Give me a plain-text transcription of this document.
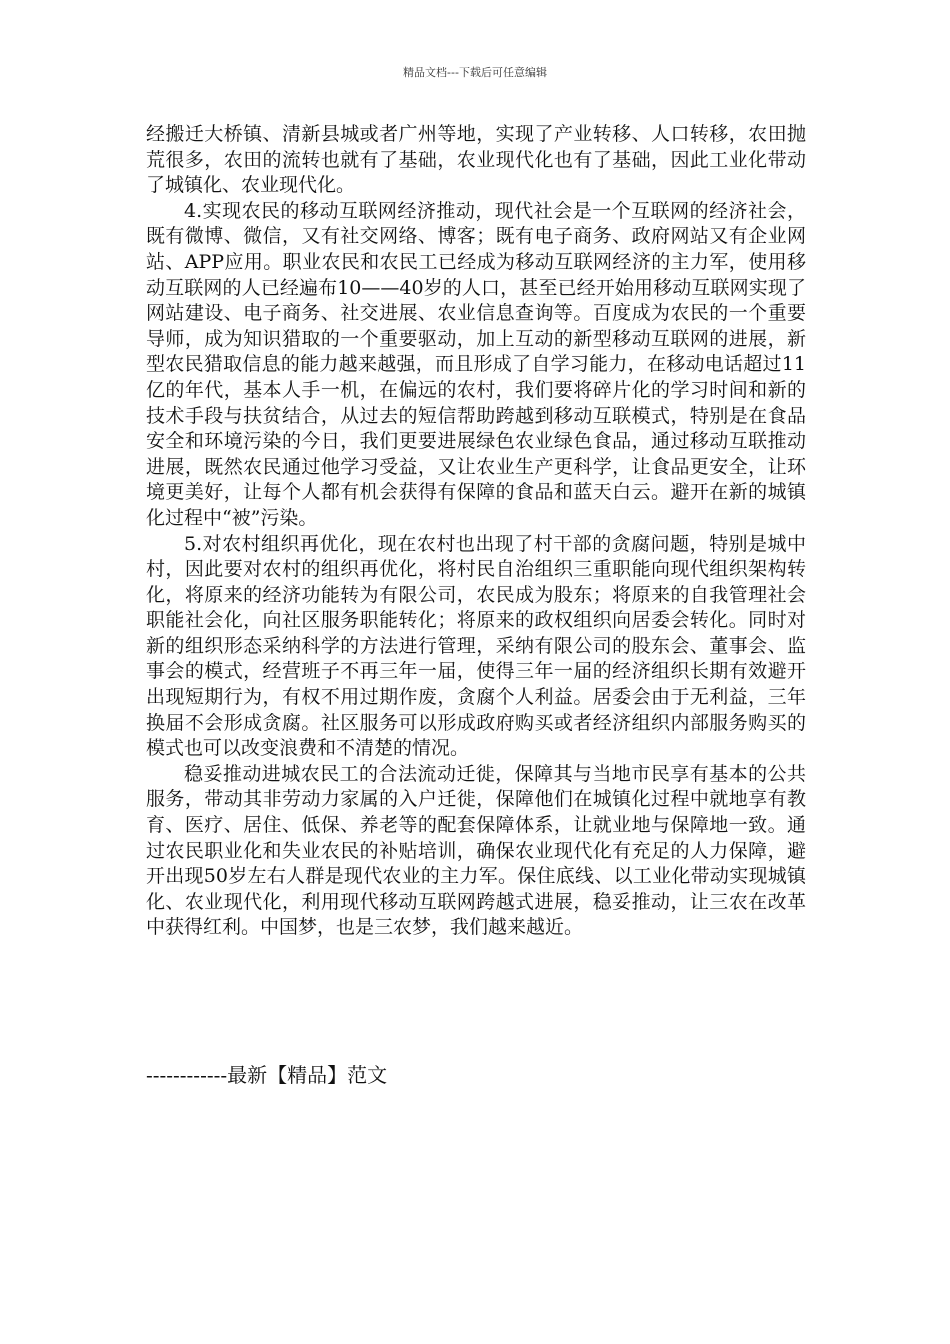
精品文档---下载后可任意编辑

经搬迁大桥镇、清新县城或者广州等地，实现了产业转移、人口转移，农田抛荒很多，农田的流转也就有了基础，农业现代化也有了基础，因此工业化带动了城镇化、农业现代化。

4.实现农民的移动互联网经济推动，现代社会是一个互联网的经济社会，既有微博、微信，又有社交网络、博客；既有电子商务、政府网站又有企业网站、APP应用。职业农民和农民工已经成为移动互联网经济的主力军，使用移动互联网的人已经遍布10——40岁的人口，甚至已经开始用移动互联网实现了网站建设、电子商务、社交进展、农业信息查询等。百度成为农民的一个重要导师，成为知识猎取的一个重要驱动，加上互动的新型移动互联网的进展，新型农民猎取信息的能力越来越强，而且形成了自学习能力，在移动电话超过11亿的年代，基本人手一机，在偏远的农村，我们要将碎片化的学习时间和新的技术手段与扶贫结合，从过去的短信帮助跨越到移动互联模式，特别是在食品安全和环境污染的今日，我们更要进展绿色农业绿色食品，通过移动互联推动进展，既然农民通过他学习受益，又让农业生产更科学，让食品更安全，让环境更美好，让每个人都有机会获得有保障的食品和蓝天白云。避开在新的城镇化过程中“被”污染。

5.对农村组织再优化，现在农村也出现了村干部的贪腐问题，特别是城中村，因此要对农村的组织再优化，将村民自治组织三重职能向现代组织架构转化，将原来的经济功能转为有限公司，农民成为股东；将原来的自我管理社会职能社会化，向社区服务职能转化；将原来的政权组织向居委会转化。同时对新的组织形态采纳科学的方法进行管理，采纳有限公司的股东会、董事会、监事会的模式，经营班子不再三年一届，使得三年一届的经济组织长期有效避开出现短期行为，有权不用过期作废，贪腐个人利益。居委会由于无利益，三年换届不会形成贪腐。社区服务可以形成政府购买或者经济组织内部服务购买的模式也可以改变浪费和不清楚的情况。

稳妥推动进城农民工的合法流动迁徙，保障其与当地市民享有基本的公共服务，带动其非劳动力家属的入户迁徙，保障他们在城镇化过程中就地享有教育、医疗、居住、低保、养老等的配套保障体系，让就业地与保障地一致。通过农民职业化和失业农民的补贴培训，确保农业现代化有充足的人力保障，避开出现50岁左右人群是现代农业的主力军。保住底线、以工业化带动实现城镇化、农业现代化，利用现代移动互联网跨越式进展，稳妥推动，让三农在改革中获得红利。中国梦，也是三农梦，我们越来越近。

------------最新【精品】范文
